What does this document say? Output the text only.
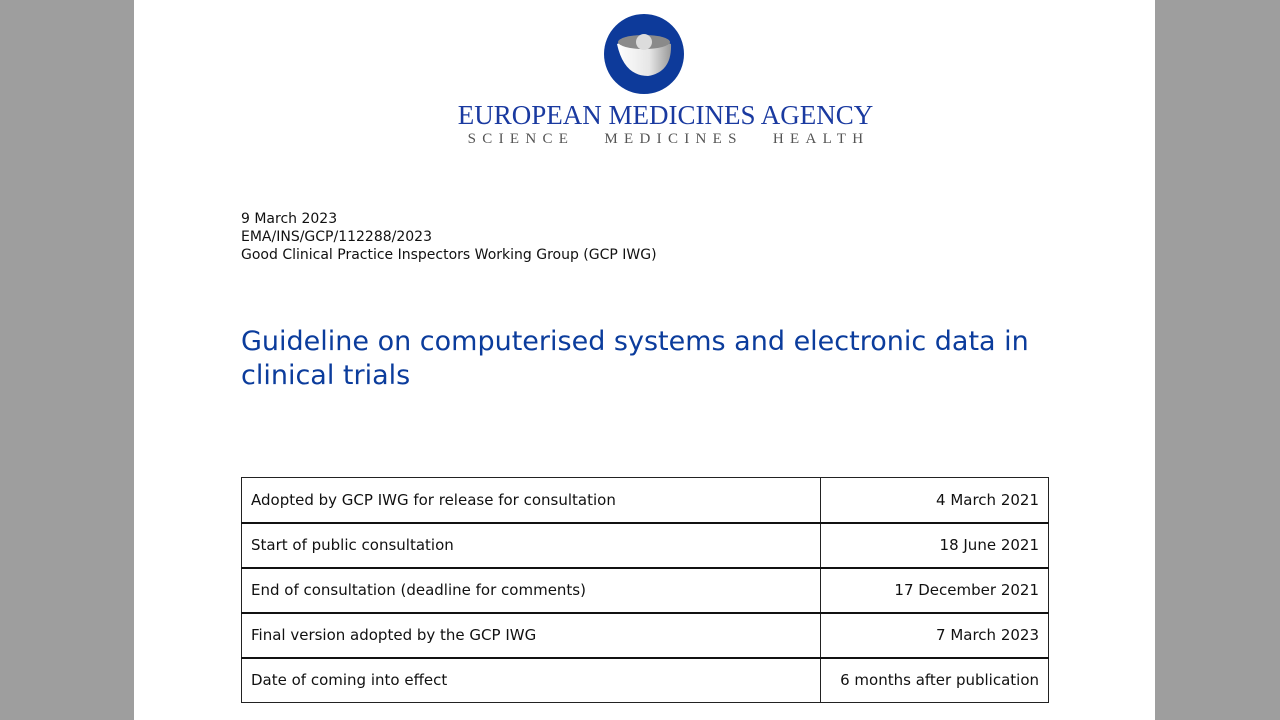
EUROPEAN MEDICINES AGENCY
SCIENCE   MEDICINES   HEALTH
9 March 2023
EMA/INS/GCP/112288/2023
Good Clinical Practice Inspectors Working Group (GCP IWG)
Guideline on computerised systems and electronic data in clinical trials
Adopted by GCP IWG for release for consultation	4 March 2021
Start of public consultation	18 June 2021
End of consultation (deadline for comments)	17 December 2021
Final version adopted by the GCP IWG	7 March 2023
Date of coming into effect	6 months after publication
